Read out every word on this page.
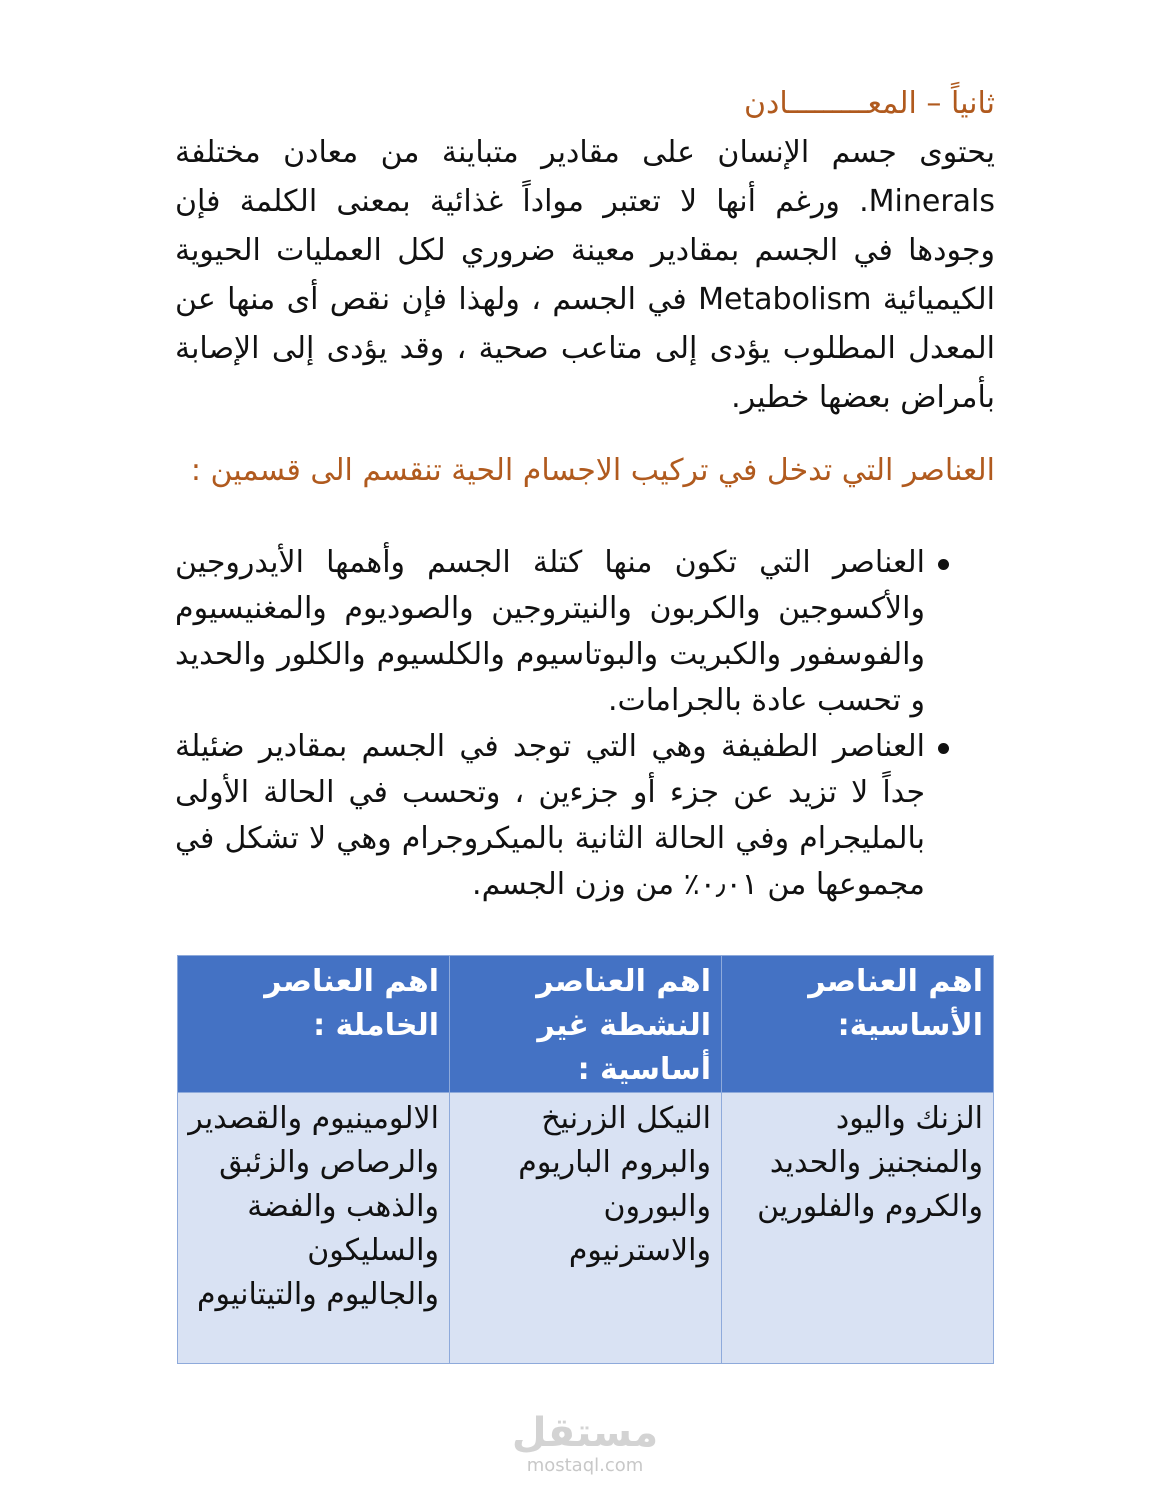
ثانياً – المعـــــــــادن

يحتوى جسم الإنسان على مقادير متباينة من معادن مختلفة Minerals. ورغم أنها لا تعتبر مواداً غذائية بمعنى الكلمة فإن وجودها في الجسم بمقادير معينة ضروري لكل العمليات الحيوية الكيميائية Metabolism في الجسم ، ولهذا فإن نقص أى منها عن المعدل المطلوب يؤدى إلى متاعب صحية ، وقد يؤدى إلى الإصابة بأمراض بعضها خطير.

العناصر التي تدخل في تركيب الاجسام الحية تنقسم الى قسمين :
العناصر التي تكون منها كتلة الجسم وأهمها الأيدروجين والأكسوجين والكربون والنيتروجين والصوديوم والمغنيسيوم والفوسفور والكبريت والبوتاسيوم والكلسيوم والكلور والحديد و تحسب عادة بالجرامات.
العناصر الطفيفة وهي التي توجد في الجسم بمقادير ضئيلة جداً لا تزيد عن جزء أو جزءين ، وتحسب في الحالة الأولى بالمليجرام وفي الحالة الثانية بالميكروجرام وهي لا تشكل في مجموعها من ٠٫٠١٪ من وزن الجسم.
اهم العناصر الأساسية:	اهم العناصر النشطة غير أساسية :	اهم العناصر الخاملة :
الزنك واليود والمنجنيز والحديد والكروم والفلورين	النيكل الزرنيخ والبروم الباريوم والبورون والاسترنيوم	الالومينيوم والقصدير والرصاص والزئبق والذهب والفضة والسليكون والجاليوم والتيتانيوم
مستقل
mostaql.com
